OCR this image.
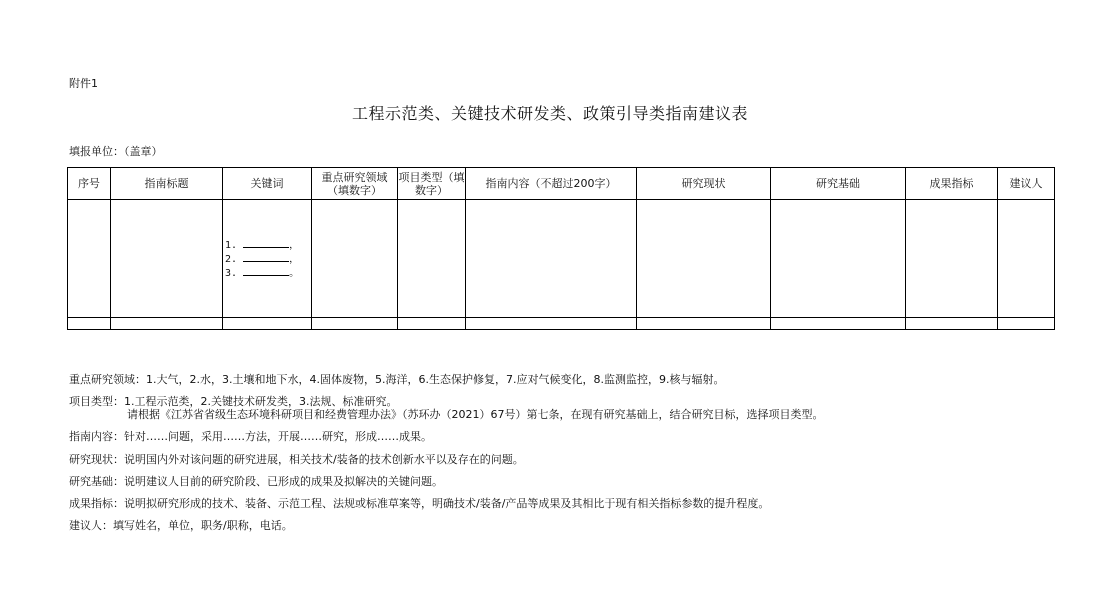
附件1
工程示范类、关键技术研发类、政策引导类指南建议表
填报单位：（盖章）
序号	指南标题	关键词	重点研究领域（填数字）	项目类型（填数字）	指南内容（不超过200字）	研究现状	研究基础	成果指标	建议人

		1. ，
2. ，
3. 。							

重点研究领域：1.大气，2.水，3.土壤和地下水，4.固体废物，5.海洋，6.生态保护修复，7.应对气候变化，8.监测监控，9.核与辐射。
项目类型：1.工程示范类，2.关键技术研发类，3.法规、标准研究。
请根据《江苏省省级生态环境科研项目和经费管理办法》（苏环办（2021）67号）第七条，在现有研究基础上，结合研究目标，选择项目类型。
指南内容：针对……问题，采用……方法，开展……研究，形成……成果。
研究现状：说明国内外对该问题的研究进展，相关技术/装备的技术创新水平以及存在的问题。
研究基础：说明建议人目前的研究阶段、已形成的成果及拟解决的关键问题。
成果指标：说明拟研究形成的技术、装备、示范工程、法规或标准草案等，明确技术/装备/产品等成果及其相比于现有相关指标参数的提升程度。
建议人：填写姓名，单位，职务/职称，电话。
